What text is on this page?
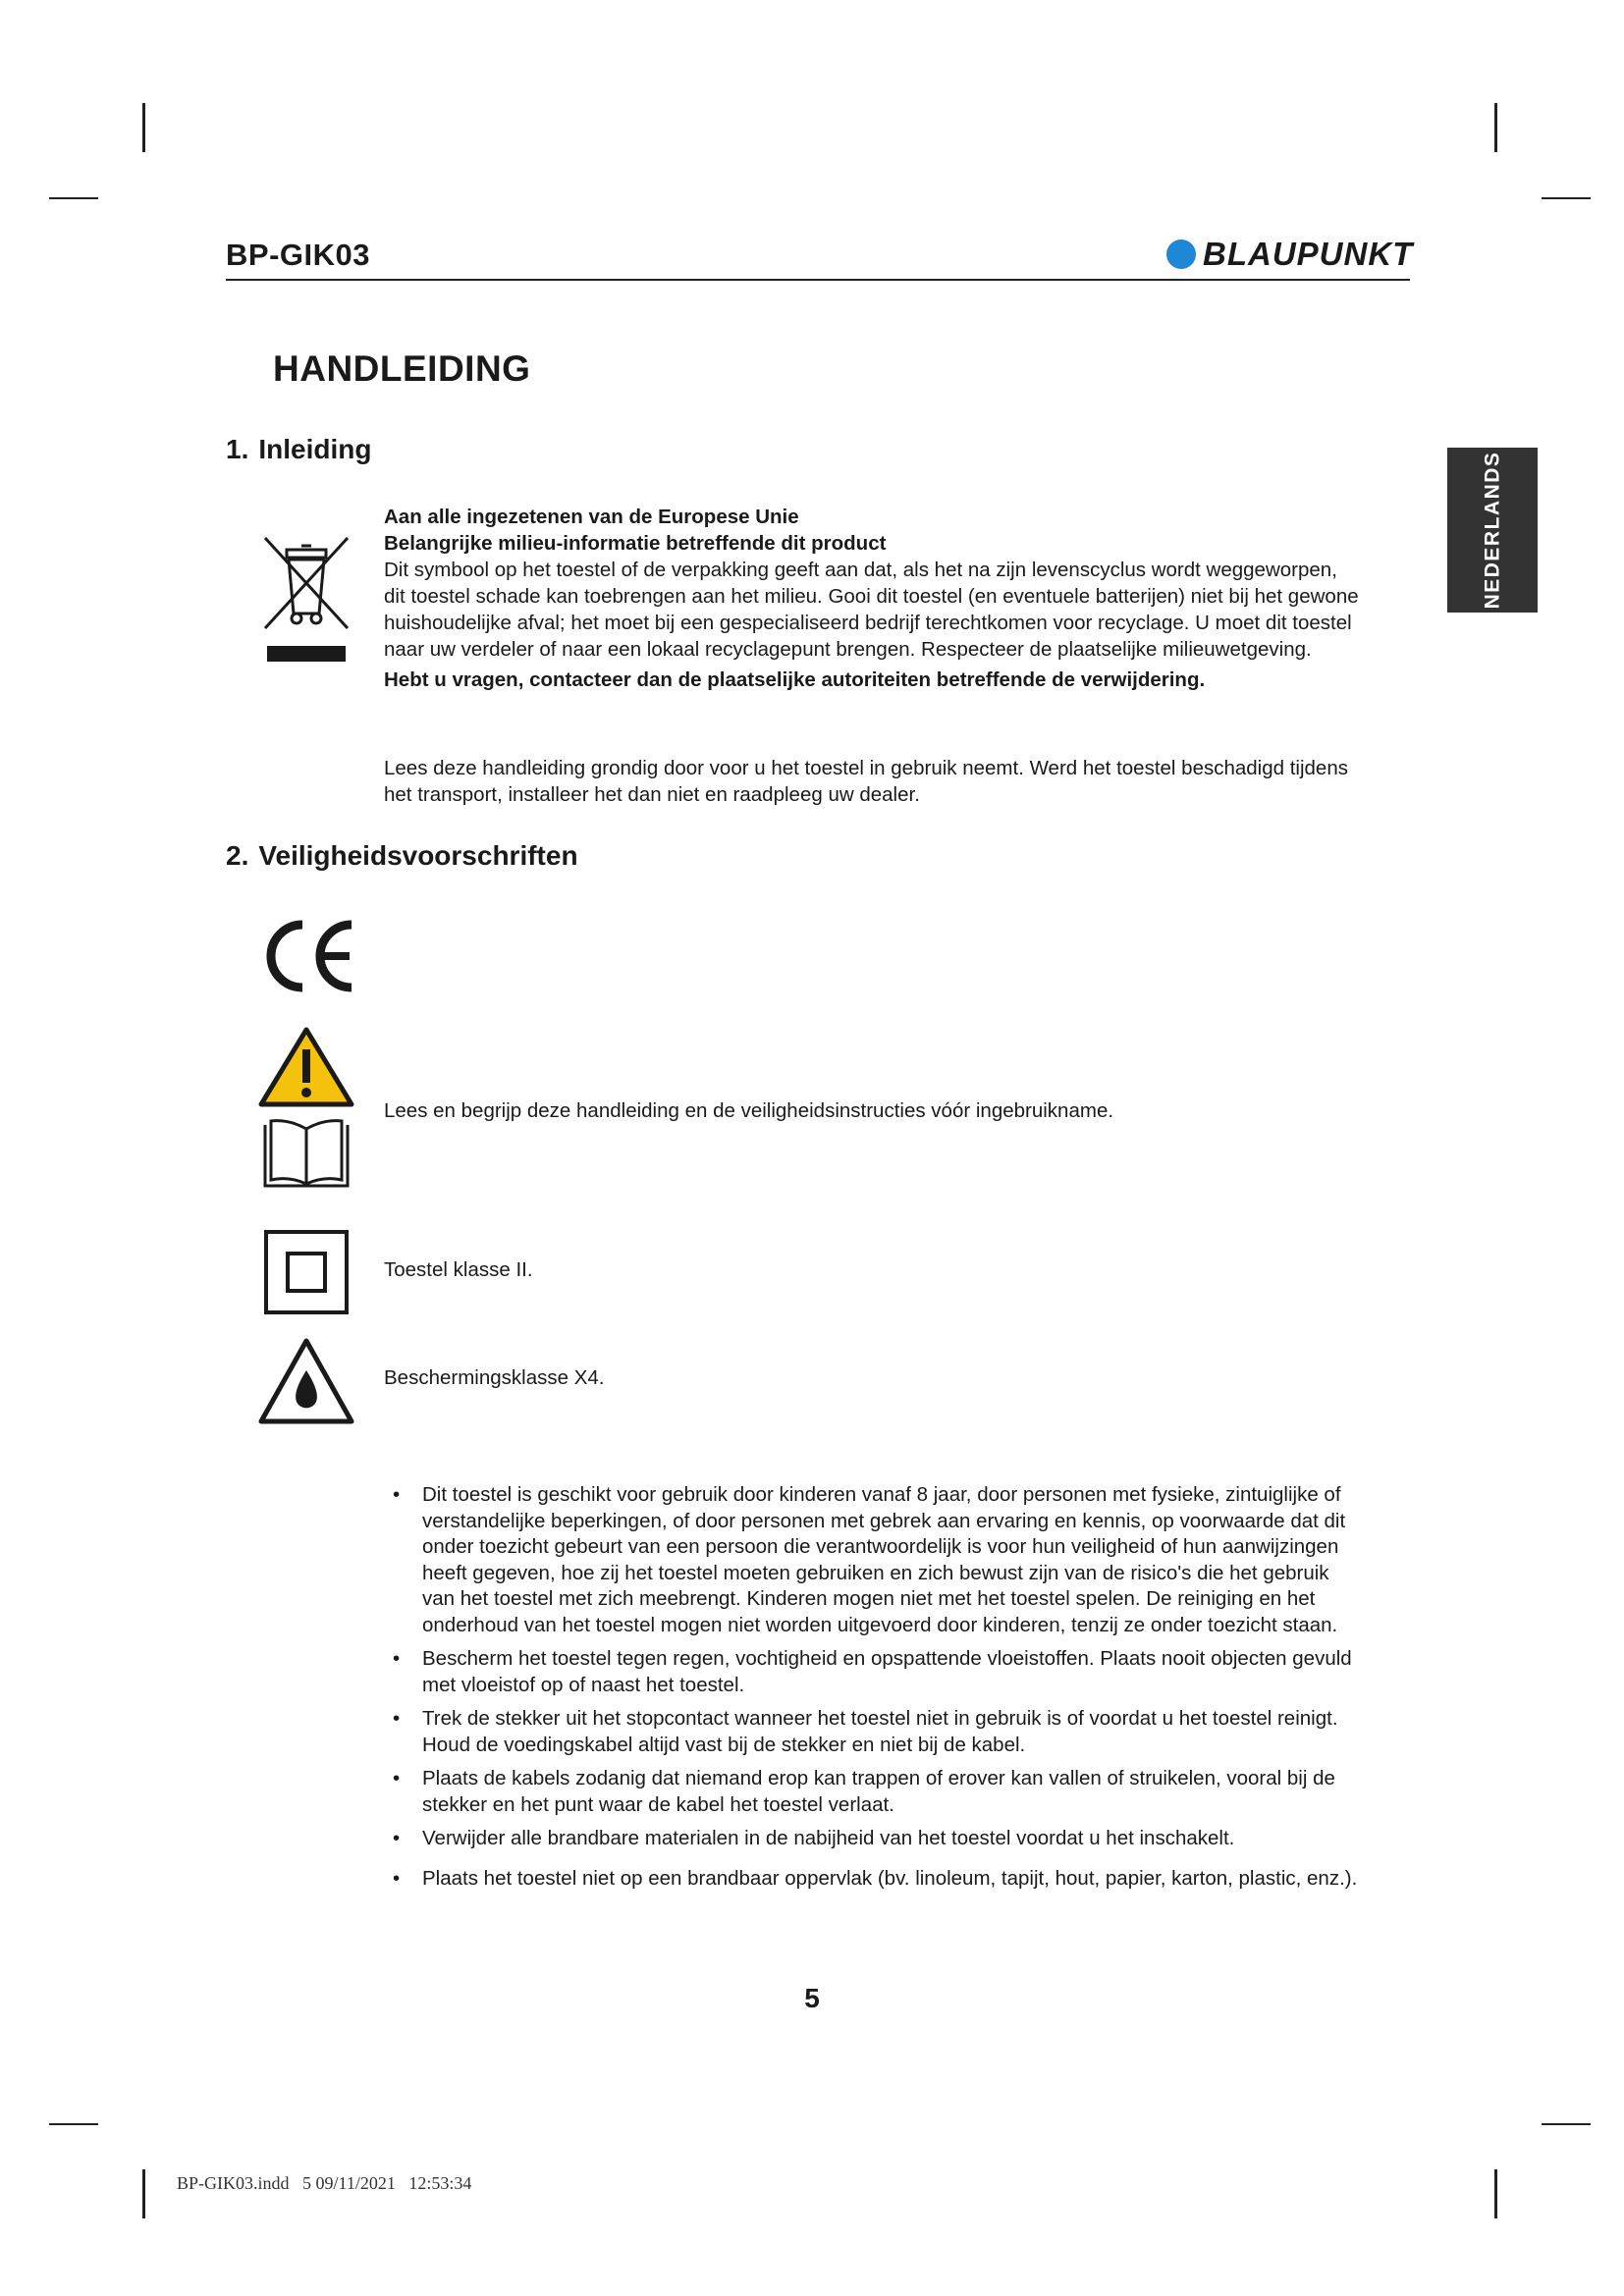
BP-GIK03	BLAUPUNKT
NEDERLANDS
HANDLEIDING
1. Inleiding

Aan alle ingezetenen van de Europese Unie

Belangrijke milieu-informatie betreffende dit product

Dit symbool op het toestel of de verpakking geeft aan dat, als het na zijn levenscyclus wordt weggeworpen,

dit toestel schade kan toebrengen aan het milieu. Gooi dit toestel (en eventuele batterijen) niet bij het gewone

huishoudelijke afval; het moet bij een gespecialiseerd bedrijf terechtkomen voor recyclage. U moet dit toestel

naar uw verdeler of naar een lokaal recyclagepunt brengen. Respecteer de plaatselijke milieuwetgeving.

Hebt u vragen, contacteer dan de plaatselijke autoriteiten betreffende de verwijdering.

Lees deze handleiding grondig door voor u het toestel in gebruik neemt. Werd het toestel beschadigd tijdens
het transport, installeer het dan niet en raadpleeg uw dealer.
2. Veiligheidsvoorschriften
Lees en begrijp deze handleiding en de veiligheidsinstructies vóór ingebruikname.
Toestel klasse II.
Beschermingsklasse X4.
•	Dit toestel is geschikt voor gebruik door kinderen vanaf 8 jaar, door personen met fysieke, zintuiglijke of
verstandelijke beperkingen, of door personen met gebrek aan ervaring en kennis, op voorwaarde dat dit
onder toezicht gebeurt van een persoon die verantwoordelijk is voor hun veiligheid of hun aanwijzingen
heeft gegeven, hoe zij het toestel moeten gebruiken en zich bewust zijn van de risico's die het gebruik
van het toestel met zich meebrengt. Kinderen mogen niet met het toestel spelen. De reiniging en het
onderhoud van het toestel mogen niet worden uitgevoerd door kinderen, tenzij ze onder toezicht staan.
•	Bescherm het toestel tegen regen, vochtigheid en opspattende vloeistoffen. Plaats nooit objecten gevuld
met vloeistof op of naast het toestel.
•	Trek de stekker uit het stopcontact wanneer het toestel niet in gebruik is of voordat u het toestel reinigt.
Houd de voedingskabel altijd vast bij de stekker en niet bij de kabel.
•	Plaats de kabels zodanig dat niemand erop kan trappen of erover kan vallen of struikelen, vooral bij de
stekker en het punt waar de kabel het toestel verlaat.
•	Verwijder alle brandbare materialen in de nabijheid van het toestel voordat u het inschakelt.
•	Plaats het toestel niet op een brandbaar oppervlak (bv. linoleum, tapijt, hout, papier, karton, plastic, enz.).
5
BP-GIK03.indd   5 09/11/2021   12:53:34
